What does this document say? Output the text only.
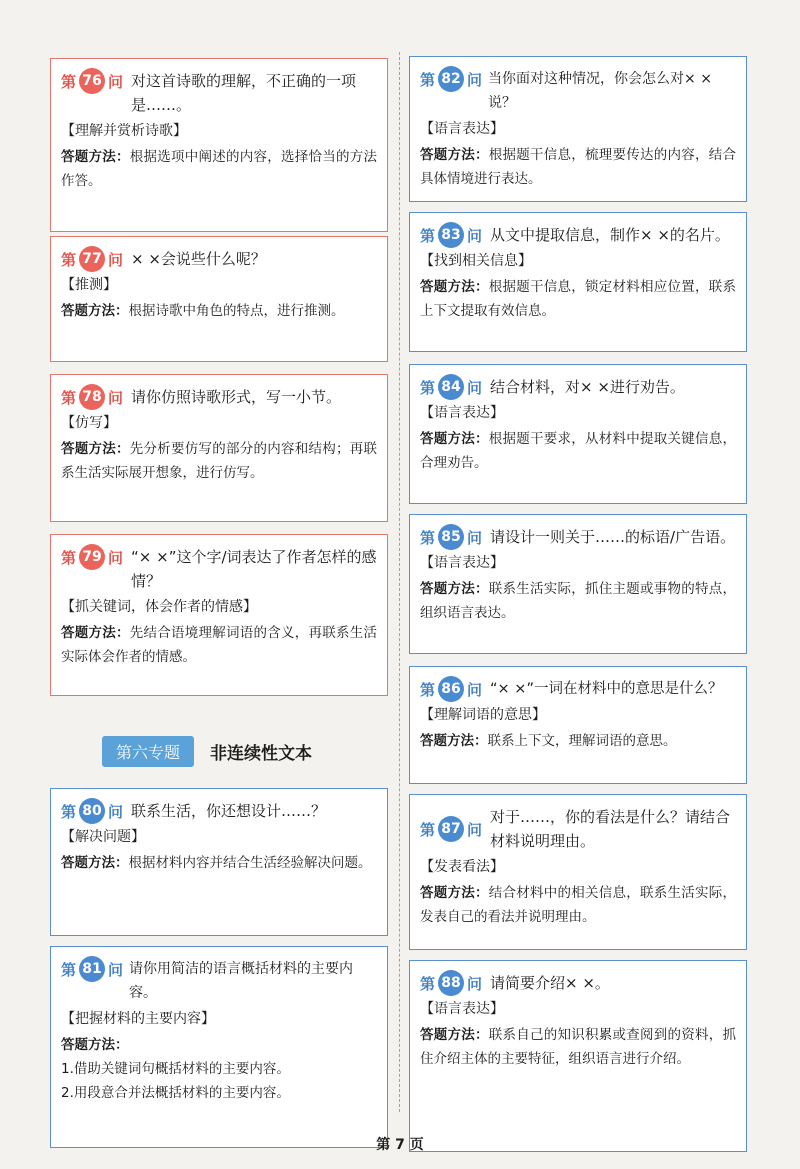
第 76 问 对这首诗歌的理解，不正确的一项是……。
【理解并赏析诗歌】
答题方法：根据选项中阐述的内容，选择恰当的方法作答。
第 77 问 × ×会说些什么呢？
【推测】
答题方法：根据诗歌中角色的特点，进行推测。
第 78 问 请你仿照诗歌形式，写一小节。
【仿写】
答题方法：先分析要仿写的部分的内容和结构；再联系生活实际展开想象，进行仿写。
第 79 问 “× ×”这个字/词表达了作者怎样的感情？
【抓关键词，体会作者的情感】
答题方法：先结合语境理解词语的含义，再联系生活实际体会作者的情感。
第六专题	非连续性文本
第 80 问 联系生活，你还想设计……？
【解决问题】
答题方法：根据材料内容并结合生活经验解决问题。
第 81 问 请你用简洁的语言概括材料的主要内容。
【把握材料的主要内容】
答题方法：
1.借助关键词句概括材料的主要内容。
2.用段意合并法概括材料的主要内容。
第 82 问 当你面对这种情况，你会怎么对× ×说？
【语言表达】
答题方法：根据题干信息，梳理要传达的内容，结合具体情境进行表达。
第 83 问 从文中提取信息，制作× ×的名片。
【找到相关信息】
答题方法：根据题干信息，锁定材料相应位置，联系上下文提取有效信息。
第 84 问 结合材料，对× ×进行劝告。
【语言表达】
答题方法：根据题干要求，从材料中提取关键信息，合理劝告。
第 85 问 请设计一则关于……的标语/广告语。
【语言表达】
答题方法：联系生活实际，抓住主题或事物的特点，组织语言表达。
第 86 问 “× ×”一词在材料中的意思是什么？
【理解词语的意思】
答题方法：联系上下文，理解词语的意思。
第 87 问
对于……，你的看法是什么？请结合材料说明理由。
【发表看法】
答题方法：结合材料中的相关信息，联系生活实际，发表自己的看法并说明理由。
第 88 问 请简要介绍× ×。
【语言表达】
答题方法：联系自己的知识积累或查阅到的资料，抓住介绍主体的主要特征，组织语言进行介绍。
第 7 页
